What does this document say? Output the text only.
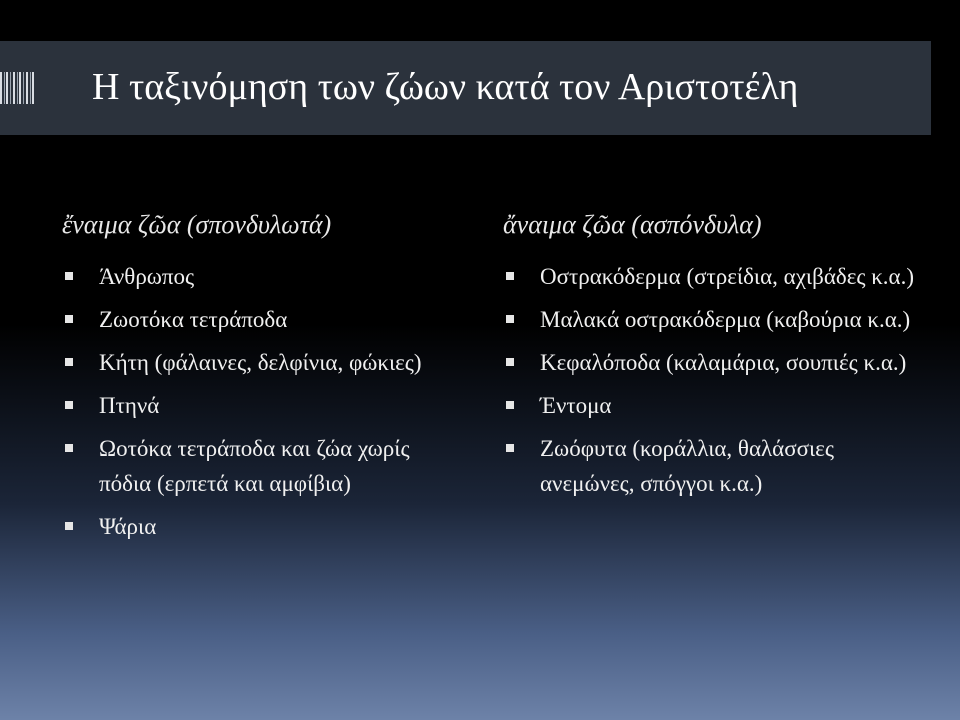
Η ταξινόμηση των ζώων κατά τον Αριστοτέλη
ἔναιμα ζῶα (σπονδυλωτά)
Άνθρωπος
Ζωοτόκα τετράποδα
Κήτη (φάλαινες, δελφίνια, φώκιες)
Πτηνά
Ωοτόκα τετράποδα και ζώα χωρίς πόδια (ερπετά και αμφίβια)
Ψάρια
ἄναιμα ζῶα (ασπόνδυλα)
Οστρακόδερμα (στρείδια, αχιβάδες κ.α.)
Μαλακά οστρακόδερμα (καβούρια κ.α.)
Κεφαλόποδα (καλαμάρια, σουπιές κ.α.)
Έντομα
Ζωόφυτα (κοράλλια, θαλάσσιες ανεμώνες, σπόγγοι κ.α.)
